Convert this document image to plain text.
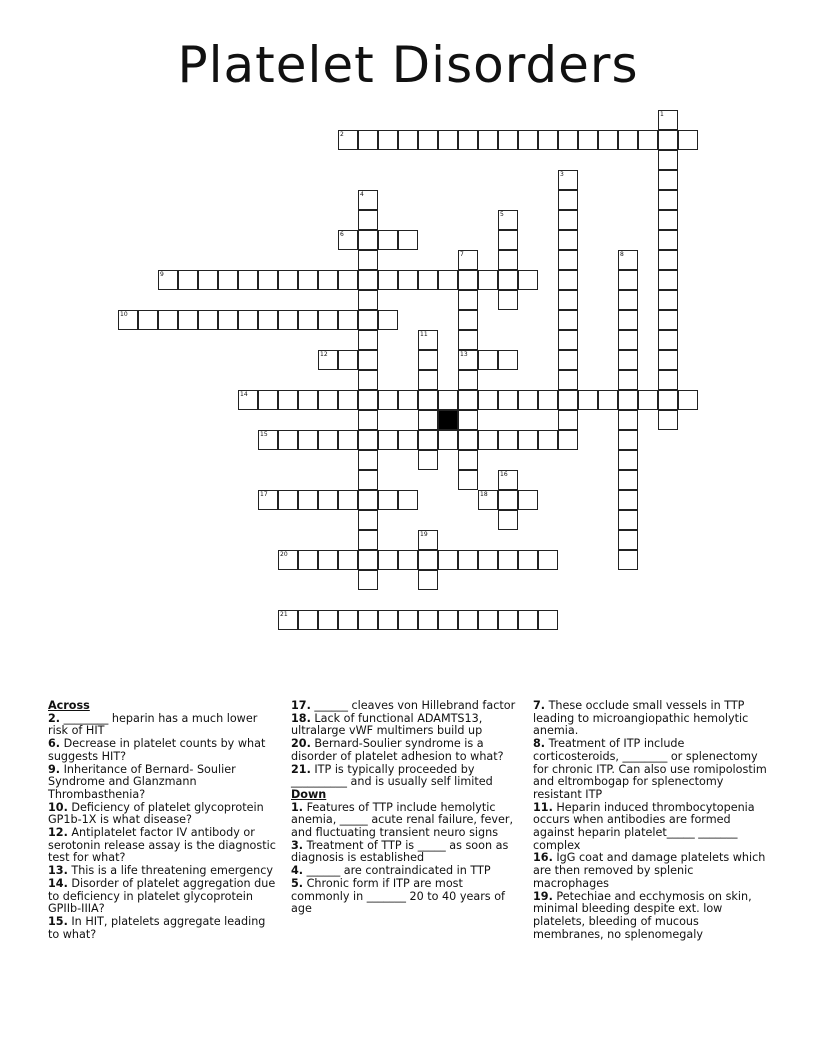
Platelet Disorders
1
2
3
4
5
6
7
13
8
9
10
11
12
14
15
16
17	18
19
20
21
Across
2. ________ heparin has a much lower risk of HIT
6. Decrease in platelet counts by what suggests HIT?
9. Inheritance of Bernard- Soulier Syndrome and Glanzmann Thrombasthenia?
10. Deficiency of platelet glycoprotein GP1b-1X is what disease?
12. Antiplatelet factor IV antibody or serotonin release assay is the diagnostic test for what?
13. This is a life threatening emergency
14. Disorder of platelet aggregation due to deficiency in platelet glycoprotein GPIIb-IIIA?
15. In HIT, platelets aggregate leading to what?
17. ______ cleaves von Hillebrand factor
18. Lack of functional ADAMTS13, ultralarge vWF multimers build up
20. Bernard-Soulier syndrome is a disorder of platelet adhesion to what?
21. ITP is typically proceeded by __________ and is usually self limited
Down
1. Features of TTP include hemolytic anemia, _____ acute renal failure, fever, and fluctuating transient neuro signs
3. Treatment of TTP is _____ as soon as diagnosis is established
4. ______ are contraindicated in TTP
5. Chronic form if ITP are most commonly in _______ 20 to 40 years of age
7. These occlude small vessels in TTP leading to microangiopathic hemolytic anemia.
8. Treatment of ITP include corticosteroids, ________ or splenectomy for chronic ITP. Can also use romipolostim and eltrombogap for splenectomy resistant ITP
11. Heparin induced thrombocytopenia occurs when antibodies are formed against heparin platelet_____ _______ complex
16. IgG coat and damage platelets which are then removed by splenic macrophages
19. Petechiae and ecchymosis on skin, minimal bleeding despite ext. low platelets, bleeding of mucous membranes, no splenomegaly
